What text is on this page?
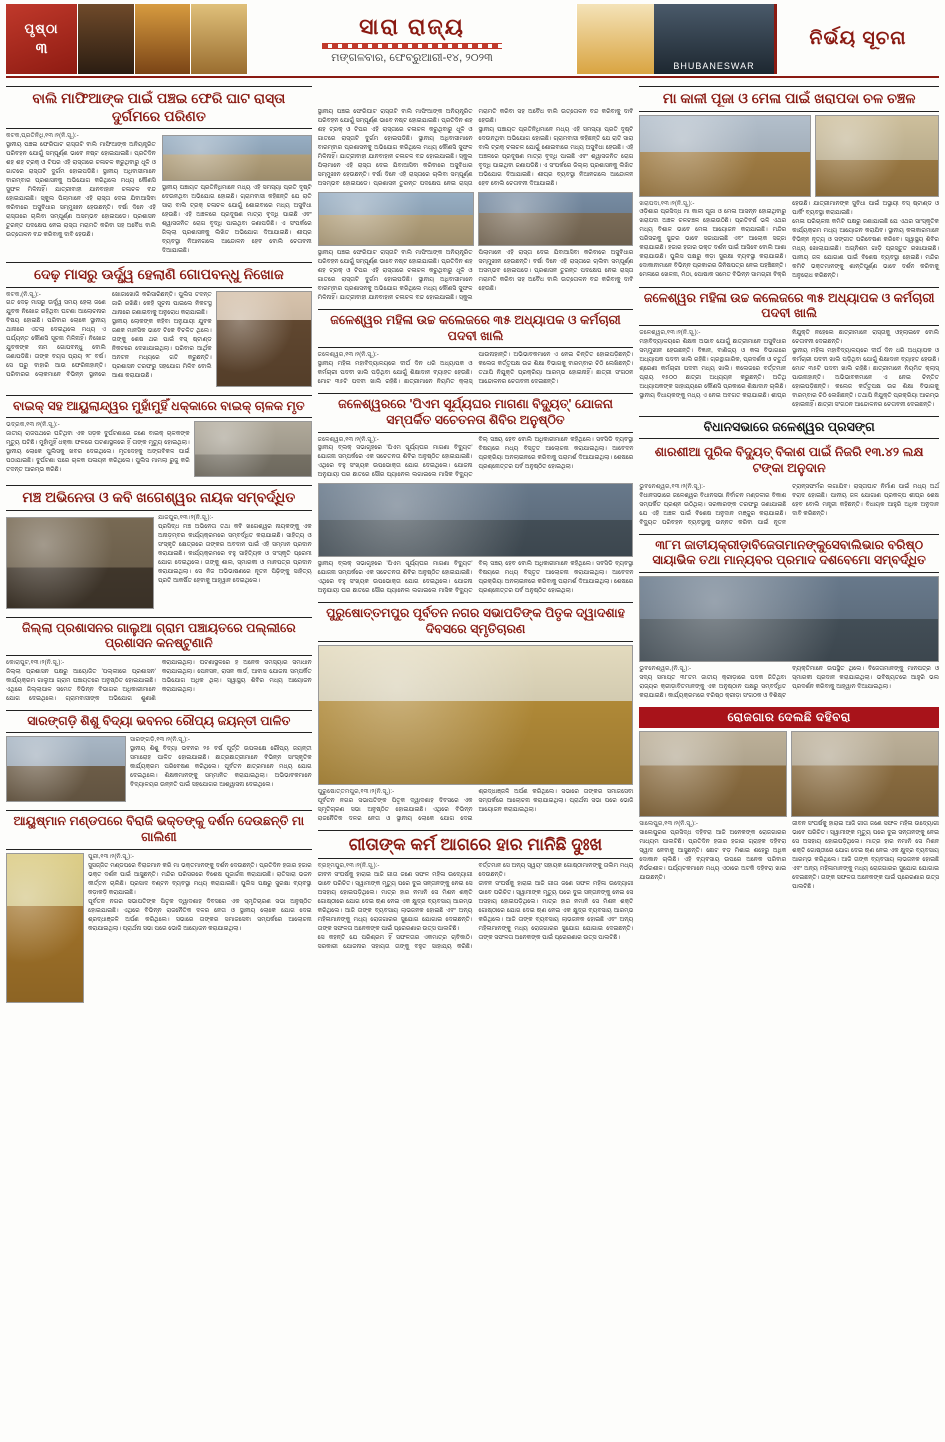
ପୃଷ୍ଠା
୩
ସାରା ରାଜ୍ୟ
ମଙ୍ଗଳବାର, ଫେବ୍ରୁଆରୀ-୧୪, ୨୦୨୩
BHUBANESWAR
ନିର୍ଭୟ ସୂଚନା
ବାଲି ମାଫିଆଙ୍କ ପାଇଁ ପଞ୍ଚଇ ଫେରି ଘାଟ ରାସ୍ତା ଦୁର୍ଗମରେ ପରିଣତ
କଟକ,ପ୍ରତିନିଧି,୧୩।୨(ନି.ସୂ.):-
ସ୍ଥାନୀୟ ପଞ୍ଚଇ ଫେରିଘାଟ ରାସ୍ତାଟି ବାଲି ମାଫିଆଙ୍କ ଅନିୟନ୍ତ୍ରିତ ପରିବହନ ଯୋଗୁଁ ସମ୍ପୂର୍ଣ୍ଣ ଭାବେ ନଷ୍ଟ ହୋଇଯାଇଛି। ପ୍ରତିଦିନ ଶହ ଶହ ଟ୍ରକ୍ ଓ ଟିପର ଏହି ରାସ୍ତାରେ ଚଳାଚଳ କରୁଥିବାରୁ ଧୂଳି ଓ ଗାତରେ ରାସ୍ତାଟି ଦୁର୍ଗମ ହୋଇପଡିଛି। ସ୍ଥାନୀୟ ଅଧିବାସୀମାନେ ବାରମ୍ବାର ପ୍ରଶାସନକୁ ଅଭିଯୋଗ କରିଥିଲେ ମଧ୍ୟ କୌଣସି ସୁଫଳ ମିଳିନାହିଁ। ଯାତ୍ରୀବାହୀ ଯାନବାହାନ ଚଳାଚଳ ବନ୍ଦ ହୋଇଯାଇଛି। ସ୍କୁଲ ପିଲାମାନେ ଏହି ରାସ୍ତା ଦେଇ ଯିବାଆସିବା କରିବାରେ ଅସୁବିଧାର ସମ୍ମୁଖୀନ ହେଉଛନ୍ତି। ବର୍ଷା ଦିନେ ଏହି ରାସ୍ତାରେ ଚାଲିବା ସମ୍ପୂର୍ଣ୍ଣ ଅସମ୍ଭବ ହୋଇପଡେ। ପ୍ରଶାସନ ତୁରନ୍ତ ପଦକ୍ଷେପ ନେଇ ରାସ୍ତା ମରାମତି କରିବା ସହ ଅବୈଧ ବାଲି ଉତ୍ତୋଳନ ବନ୍ଦ କରିବାକୁ ଦାବି ହେଉଛି।
ସ୍ଥାନୀୟ ପଞ୍ଚାୟତ ପ୍ରତିନିଧିମାନେ ମଧ୍ୟ ଏହି ସମସ୍ୟା ପ୍ରତି ଦୃଷ୍ଟି ଦେଉନଥିବା ଅଭିଯୋଗ ହୋଇଛି। ଗ୍ରାମବାସୀ କହିଛନ୍ତି ଯେ ରାତି ସାରା ବାଲି ଟ୍ରକ୍ ଚଳାଚଳ ଯୋଗୁଁ ଶୋଇବାରେ ମଧ୍ୟ ଅସୁବିଧା ହେଉଛି। ଏହି ଅଞ୍ଚଳରେ ପ୍ରଦୂଷଣ ମାତ୍ରା ବୃଦ୍ଧି ପାଇଛି ଏବଂ ଶ୍ୱାସଜନିତ ରୋଗ ବୃଦ୍ଧି ପାଇଥିବା ଜଣାପଡିଛି। ଏ ସଂପର୍କରେ ଜିଲ୍ଲା ପ୍ରଶାସନକୁ ଲିଖିତ ଅଭିଯୋଗ ଦିଆଯାଇଛି। ଶୀଘ୍ର ବ୍ୟବସ୍ଥା ନିଆନଗଲେ ଆନ୍ଦୋଳନ ହେବ ବୋଲି ଚେତାବନୀ ଦିଆଯାଇଛି।
ଦେଢ଼ ମାସରୁ ଊର୍ଦ୍ଧ୍ୱ ହେଲାଣି ଗୋପବନ୍ଧୁ ନିଖୋଜ
କଟକ,(ନି.ସୂ.):-
ଗତ ଦେଢ଼ ମାସରୁ ଊର୍ଦ୍ଧ୍ୱ ସମୟ ହେଲା ଜଣେ ଯୁବକ ନିଖୋଜ ରହିଥିବା ଘଟଣା ଆଲୋଚନାର ବିଷୟ ହୋଇଛି। ପରିବାର ଲୋକେ ସ୍ଥାନୀୟ ଥାନାରେ ଏତଲା ଦେଇଥିଲେ ମଧ୍ୟ ଏ ପର୍ଯ୍ୟନ୍ତ କୌଣସି ସୂଚନା ମିଳିନାହିଁ। ନିଖୋଜ ଯୁବକଙ୍କ ନାମ ଗୋପବନ୍ଧୁ ବୋଲି ଜଣାପଡିଛି। ତାଙ୍କ ବୟସ ପ୍ରାୟ ୨୮ ବର୍ଷ। ସେ ଘରୁ ବାହାରି ଆଉ ଫେରିନାହାନ୍ତି। ପରିବାରର ଲୋକମାନେ ବିଭିନ୍ନ ସ୍ଥାନରେ ଖୋଜାଖୋଜି କରିସାରିଛନ୍ତି। ପୁଲିସ ତଦନ୍ତ ଜାରି ରଖିଛି। କେହି ସୂଚନା ପାଇଲେ ନିକଟସ୍ଥ ଥାନାରେ ଜଣାଇବାକୁ ଅନୁରୋଧ କରାଯାଇଛି।
ସ୍ଥାନୀୟ ଲୋକଙ୍କ କହିବା ଅନୁଯାୟୀ ଯୁବକ ଜଣକ ମାନସିକ ଭାବେ ଟିକେ ବିଚଳିତ ଥିଲେ। ତାଙ୍କୁ ଶେଷ ଥର ପାଇଁ ବସ୍ ଷ୍ଟାଣ୍ଡ ନିକଟରେ ଦେଖାଯାଇଥିଲା। ପରିବାର ଆର୍ଥିକ ଅନଟନ ମଧ୍ୟରେ ଗତି କରୁଛନ୍ତି। ପ୍ରଶାସନ ତରଫରୁ ସହଯୋଗ ମିଳିବ ବୋଲି ଆଶା କରାଯାଉଛି।
ବାଇକ୍ ସହ ଆୟୁଲାନ୍ଦ୍ୱର ମୁହାଁମୁହିଁ ଧକ୍କାରେ ବାଇକ୍ ଚାଳକ ମୃତ
ଭଦ୍ରକ,୧୩।୨(ନି.ସୂ.):-
ଜାତୀୟ ରାଜପଥରେ ଘଟିଥିବା ଏକ ସଡ଼କ ଦୁର୍ଘଟଣାରେ ଜଣେ ବାଇକ୍ ଚାଳକଙ୍କ ମୃତ୍ୟୁ ଘଟିଛି। ମୁହାଁମୁହିଁ ଧକ୍କା ଫଳରେ ଘଟଣାସ୍ଥଳରେ ହିଁ ତାଙ୍କ ମୃତ୍ୟୁ ହୋଇଥିଲା। ସ୍ଥାନୀୟ ଲୋକେ ପୁଲିସକୁ ଖବର ଦେଇଥିଲେ। ମୃତଦେହକୁ ଅଙ୍ଗବିକଳ ପାଇଁ ପଠାଯାଇଛି। ଦୁର୍ଘଟଣା ପରେ ଚାଳକ ପଳାୟନ କରିଥିଲେ। ପୁଲିସ ମାମଲା ରୁଜୁ କରି ତଦନ୍ତ ଆରମ୍ଭ କରିଛି।
ମଞ୍ଚ ଅଭିନେତା ଓ କବି ଖଗେଶ୍ୱର ନାୟକ ସମ୍ବର୍ଦ୍ଧିତ
ଯାଜପୁର,୧୩।୨(ନି.ସୂ.):-
ପ୍ରସିଦ୍ଧ ମଞ୍ଚ ଅଭିନେତା ତଥା କବି ଖଗେଶ୍ୱର ନାୟକଙ୍କୁ ଏକ ଅନାଡ଼ମ୍ବର କାର୍ଯ୍ୟକ୍ରମରେ ସମ୍ବର୍ଦ୍ଧିତ କରାଯାଇଛି। ସାହିତ୍ୟ ଓ ସଂସ୍କୃତି କ୍ଷେତ୍ରରେ ତାଙ୍କର ଅବଦାନ ପାଇଁ ଏହି ସମ୍ମାନ ପ୍ରଦାନ କରାଯାଇଛି। କାର୍ଯ୍ୟକ୍ରମରେ ବହୁ ସାହିତ୍ୟିକ ଓ ସଂସ୍କୃତି ପ୍ରେମୀ ଯୋଗ ଦେଇଥିଲେ। ତାଙ୍କୁ ଶାଲ, ସ୍ମାରକୀ ଓ ମାନପତ୍ର ପ୍ରଦାନ କରାଯାଇଥିଲା। ସେ ନିଜ ଅଭିଭାଷଣରେ ନୂତନ ପିଢ଼ିଙ୍କୁ ସାହିତ୍ୟ ପ୍ରତି ଆକର୍ଷିତ ହେବାକୁ ଆହ୍ୱାନ ଦେଇଥିଲେ।
ଜିଲ୍ଲା ପ୍ରଶାସନର ଗାଲୁଆ ଗ୍ରାମ ପଞ୍ଚାୟତରେ ପଲ୍ଲୀରେ ପ୍ରଶାସନ କନଷ୍ଟୁଣାନି
କୋରାପୁଟ,୧୩।୨(ନି.ସୂ.):-
ଜିଲ୍ଲା ପ୍ରଶାସନ ପକ୍ଷରୁ ଆୟୋଜିତ 'ପଲ୍ଲୀରେ ପ୍ରଶାସନ' କାର୍ଯ୍ୟକ୍ରମ ଗାଲୁଆ ଗ୍ରାମ ପଞ୍ଚାୟତରେ ଅନୁଷ୍ଠିତ ହୋଇଯାଇଛି। ଏଥିରେ ଜିଲ୍ଲାପାଳ ସମେତ ବିଭିନ୍ନ ବିଭାଗର ଅଧିକାରୀମାନେ ଯୋଗ ଦେଇଥିଲେ। ଗ୍ରାମବାସୀଙ୍କ ଅଭିଯୋଗ ଶୁଣାଣି କରାଯାଇଥିଲା। ଘଟଣାସ୍ଥଳରେ ହିଁ ଅନେକ ସମସ୍ୟାର ସମାଧାନ କରାଯାଇଥିଲା। ପେନସନ, ରାସନ କାର୍ଡ, ଆବାସ ଯୋଜନା ସମ୍ପର୍କିତ ଅଭିଯୋଗ ଅଧିକ ଥିଲା। ସ୍ୱାସ୍ଥ୍ୟ ଶିବିର ମଧ୍ୟ ଆୟୋଜନ କରାଯାଇଥିଲା।
ସାରଙ୍ଗଡ଼ି ଶିଶୁ ବିଦ୍ୟା ଭବନର ରୌପ୍ୟ ଜୟନ୍ତୀ ପାଳିତ
ସାରଙ୍ଗଡ଼ି,୧୩।୨(ନି.ସୂ.):-
ସ୍ଥାନୀୟ ଶିଶୁ ବିଦ୍ୟା ଭବନର ୨୫ ବର୍ଷ ପୂର୍ତ୍ତି ଉପଲକ୍ଷେ ରୌପ୍ୟ ଜୟନ୍ତୀ ସମାରୋହ ପାଳିତ ହୋଇଯାଇଛି। ଛାତ୍ରଛାତ୍ରୀମାନେ ବିଭିନ୍ନ ସାଂସ୍କୃତିକ କାର୍ଯ୍ୟକ୍ରମ ପରିବେଷଣ କରିଥିଲେ। ପୂର୍ବତନ ଛାତ୍ରମାନେ ମଧ୍ୟ ଯୋଗ ଦେଇଥିଲେ। ଶିକ୍ଷକମାନଙ୍କୁ ସମ୍ମାନିତ କରାଯାଇଥିଲା। ଅଭିଭାବକମାନେ ବିଦ୍ୟାଳୟର ଉନ୍ନତି ପାଇଁ ସହଯୋଗର ଆଶ୍ୱାସନା ଦେଇଥିଲେ।
ଆୟୁଷ୍ମାନ ମଣ୍ଡପରେ ବିରାଜି ଭକ୍ତଙ୍କୁ ଦର୍ଶନ ଦେଉଛନ୍ତି ମା ଗାଲିଣୀ
ପୁରୀ,୧୩।୨(ନି.ସୂ.):-
ସୁସଜ୍ଜିତ ମଣ୍ଡପରେ ବିରାଜମାନ କରି ମା ଭକ୍ତମାନଙ୍କୁ ଦର୍ଶନ ଦେଉଛନ୍ତି। ପ୍ରତିଦିନ ହଜାର ହଜାର ଭକ୍ତ ଦର୍ଶନ ପାଇଁ ଆସୁଛନ୍ତି। ମନ୍ଦିର ପରିସରରେ ବିଶେଷ ପୂଜାର୍ଚ୍ଚନା କରାଯାଉଛି। ରାତିସାରା ଭଜନ କୀର୍ତ୍ତନ ଚାଲିଛି। ପ୍ରସାଦ ବଣ୍ଟନ ବ୍ୟବସ୍ଥା ମଧ୍ୟ କରାଯାଇଛି। ପୁଲିସ ପକ୍ଷରୁ ସୁରକ୍ଷା ବ୍ୟବସ୍ଥା କଡ଼ାକଡ଼ି କରାଯାଇଛି।
ପୂର୍ବତନ ନଗର ସଭାପତିଙ୍କ ପିତୃକ ଦ୍ୱାଦଶାହ ଦିବସରେ ଏକ ସ୍ମୃତିଚାରଣ ସଭା ଅନୁଷ୍ଠିତ ହୋଇଯାଇଛି। ଏଥିରେ ବିଭିନ୍ନ ରାଜନୈତିକ ଦଳର ନେତା ଓ ସ୍ଥାନୀୟ ଲୋକେ ଯୋଗ ଦେଇ ଶ୍ରଦ୍ଧାଞ୍ଜଳି ଅର୍ପଣ କରିଥିଲେ। ସଭାରେ ତାଙ୍କର ସମାଜସେବା ସମ୍ପର୍କରେ ଆଲୋଚନା କରାଯାଇଥିଲା। ପ୍ରାର୍ଥନା ସଭା ପରେ ଭୋଜି ଆୟୋଜନ କରାଯାଇଥିଲା।
ସ୍ଥାନୀୟ ପଞ୍ଚଇ ଫେରିଘାଟ ରାସ୍ତାଟି ବାଲି ମାଫିଆଙ୍କ ଅନିୟନ୍ତ୍ରିତ ପରିବହନ ଯୋଗୁଁ ସମ୍ପୂର୍ଣ୍ଣ ଭାବେ ନଷ୍ଟ ହୋଇଯାଇଛି। ପ୍ରତିଦିନ ଶହ ଶହ ଟ୍ରକ୍ ଓ ଟିପର ଏହି ରାସ୍ତାରେ ଚଳାଚଳ କରୁଥିବାରୁ ଧୂଳି ଓ ଗାତରେ ରାସ୍ତାଟି ଦୁର୍ଗମ ହୋଇପଡିଛି। ସ୍ଥାନୀୟ ଅଧିବାସୀମାନେ ବାରମ୍ବାର ପ୍ରଶାସନକୁ ଅଭିଯୋଗ କରିଥିଲେ ମଧ୍ୟ କୌଣସି ସୁଫଳ ମିଳିନାହିଁ। ଯାତ୍ରୀବାହୀ ଯାନବାହାନ ଚଳାଚଳ ବନ୍ଦ ହୋଇଯାଇଛି। ସ୍କୁଲ ପିଲାମାନେ ଏହି ରାସ୍ତା ଦେଇ ଯିବାଆସିବା କରିବାରେ ଅସୁବିଧାର ସମ୍ମୁଖୀନ ହେଉଛନ୍ତି। ବର୍ଷା ଦିନେ ଏହି ରାସ୍ତାରେ ଚାଲିବା ସମ୍ପୂର୍ଣ୍ଣ ଅସମ୍ଭବ ହୋଇପଡେ। ପ୍ରଶାସନ ତୁରନ୍ତ ପଦକ୍ଷେପ ନେଇ ରାସ୍ତା ମରାମତି କରିବା ସହ ଅବୈଧ ବାଲି ଉତ୍ତୋଳନ ବନ୍ଦ କରିବାକୁ ଦାବି ହେଉଛି।
ସ୍ଥାନୀୟ ପଞ୍ଚାୟତ ପ୍ରତିନିଧିମାନେ ମଧ୍ୟ ଏହି ସମସ୍ୟା ପ୍ରତି ଦୃଷ୍ଟି ଦେଉନଥିବା ଅଭିଯୋଗ ହୋଇଛି। ଗ୍ରାମବାସୀ କହିଛନ୍ତି ଯେ ରାତି ସାରା ବାଲି ଟ୍ରକ୍ ଚଳାଚଳ ଯୋଗୁଁ ଶୋଇବାରେ ମଧ୍ୟ ଅସୁବିଧା ହେଉଛି। ଏହି ଅଞ୍ଚଳରେ ପ୍ରଦୂଷଣ ମାତ୍ରା ବୃଦ୍ଧି ପାଇଛି ଏବଂ ଶ୍ୱାସଜନିତ ରୋଗ ବୃଦ୍ଧି ପାଇଥିବା ଜଣାପଡିଛି। ଏ ସଂପର୍କରେ ଜିଲ୍ଲା ପ୍ରଶାସନକୁ ଲିଖିତ ଅଭିଯୋଗ ଦିଆଯାଇଛି। ଶୀଘ୍ର ବ୍ୟବସ୍ଥା ନିଆନଗଲେ ଆନ୍ଦୋଳନ ହେବ ବୋଲି ଚେତାବନୀ ଦିଆଯାଇଛି।
ସ୍ଥାନୀୟ ପଞ୍ଚଇ ଫେରିଘାଟ ରାସ୍ତାଟି ବାଲି ମାଫିଆଙ୍କ ଅନିୟନ୍ତ୍ରିତ ପରିବହନ ଯୋଗୁଁ ସମ୍ପୂର୍ଣ୍ଣ ଭାବେ ନଷ୍ଟ ହୋଇଯାଇଛି। ପ୍ରତିଦିନ ଶହ ଶହ ଟ୍ରକ୍ ଓ ଟିପର ଏହି ରାସ୍ତାରେ ଚଳାଚଳ କରୁଥିବାରୁ ଧୂଳି ଓ ଗାତରେ ରାସ୍ତାଟି ଦୁର୍ଗମ ହୋଇପଡିଛି। ସ୍ଥାନୀୟ ଅଧିବାସୀମାନେ ବାରମ୍ବାର ପ୍ରଶାସନକୁ ଅଭିଯୋଗ କରିଥିଲେ ମଧ୍ୟ କୌଣସି ସୁଫଳ ମିଳିନାହିଁ। ଯାତ୍ରୀବାହୀ ଯାନବାହାନ ଚଳାଚଳ ବନ୍ଦ ହୋଇଯାଇଛି। ସ୍କୁଲ ପିଲାମାନେ ଏହି ରାସ୍ତା ଦେଇ ଯିବାଆସିବା କରିବାରେ ଅସୁବିଧାର ସମ୍ମୁଖୀନ ହେଉଛନ୍ତି। ବର୍ଷା ଦିନେ ଏହି ରାସ୍ତାରେ ଚାଲିବା ସମ୍ପୂର୍ଣ୍ଣ ଅସମ୍ଭବ ହୋଇପଡେ। ପ୍ରଶାସନ ତୁରନ୍ତ ପଦକ୍ଷେପ ନେଇ ରାସ୍ତା ମରାମତି କରିବା ସହ ଅବୈଧ ବାଲି ଉତ୍ତୋଳନ ବନ୍ଦ କରିବାକୁ ଦାବି ହେଉଛି।
ଜଳେଶ୍ୱର ମହିଳା ଉଚ୍ଚ କଲେଜରେ ୩୫ ଅଧ୍ୟାପକ ଓ କର୍ମଚାରୀ ପଦବୀ ଖାଲି
ଜଳେଶ୍ୱର,୧୩।୨(ନି.ସୂ.):-
ସ୍ଥାନୀୟ ମହିଳା ମହାବିଦ୍ୟାଳୟରେ ଦୀର୍ଘ ଦିନ ଧରି ଅଧ୍ୟାପକ ଓ କର୍ମଚାରୀ ପଦବୀ ଖାଲି ପଡ଼ିଥିବା ଯୋଗୁଁ ଶିକ୍ଷାଦାନ ବ୍ୟାହତ ହେଉଛି। ମୋଟ ୩୫ଟି ପଦବୀ ଖାଲି ରହିଛି। ଛାତ୍ରୀମାନେ ନିୟମିତ କ୍ଲାସ୍ ପାଉନାହାନ୍ତି। ଅଭିଭାବକମାନେ ଏ ନେଇ ଚିନ୍ତିତ ହୋଇପଡ଼ିଛନ୍ତି। କଲେଜ କର୍ତ୍ତୃପକ୍ଷ ଉଚ୍ଚ ଶିକ୍ଷା ବିଭାଗକୁ ବାରମ୍ବାର ଚିଠି ଲେଖିଛନ୍ତି। ତଥାପି ନିଯୁକ୍ତି ପ୍ରକ୍ରିୟା ଆରମ୍ଭ ହୋଇନାହିଁ। ଛାତ୍ରୀ ସଂଗଠନ ଆନ୍ଦୋଳନର ଚେତାବନୀ ଦେଇଛନ୍ତି।
ଜଳେଶ୍ୱରରେ 'ପିଏମ ସୂର୍ଯ୍ୟଘର ମାଗଣା ବିଦ୍ୟୁତ୍' ଯୋଜନା ସମ୍ପର୍କିତ ସଚେତନତା ଶିବିର ଅନୁଷ୍ଠିତ
ଜଳେଶ୍ୱର,୧୩।୨(ନି.ସୂ.):-
ସ୍ଥାନୀୟ ବ୍ଲକ୍ ସଭାଗୃହରେ 'ପିଏମ ସୂର୍ଯ୍ୟଘର ମାଗଣା ବିଦ୍ୟୁତ' ଯୋଜନା ସମ୍ପର୍କରେ ଏକ ସଚେତନତା ଶିବିର ଅନୁଷ୍ଠିତ ହୋଇଯାଇଛି। ଏଥିରେ ବହୁ ସଂଖ୍ୟକ ଉପଭୋକ୍ତା ଯୋଗ ଦେଇଥିଲେ। ଯୋଜନା ଅନୁଯାୟୀ ଘର ଛାତରେ ସୌର ପ୍ୟାନେଲ ଲଗାଇଲେ ମାସିକ ବିଦ୍ୟୁତ ବିଲ୍ ସଞ୍ଚୟ ହେବ ବୋଲି ଅଧିକାରୀମାନେ କହିଥିଲେ। ସବସିଡି ବ୍ୟବସ୍ଥା ବିଷୟରେ ମଧ୍ୟ ବିସ୍ତୃତ ଆଲୋଚନା କରାଯାଇଥିଲା। ଆବେଦନ ପ୍ରକ୍ରିୟା ଅନଲାଇନରେ କରିବାକୁ ପରାମର୍ଶ ଦିଆଯାଇଥିଲା। ଶେଷରେ ପ୍ରଶ୍ନୋତ୍ତର ପର୍ବ ଅନୁଷ୍ଠିତ ହୋଇଥିଲା।
ସ୍ଥାନୀୟ ବ୍ଲକ୍ ସଭାଗୃହରେ 'ପିଏମ ସୂର୍ଯ୍ୟଘର ମାଗଣା ବିଦ୍ୟୁତ' ଯୋଜନା ସମ୍ପର୍କରେ ଏକ ସଚେତନତା ଶିବିର ଅନୁଷ୍ଠିତ ହୋଇଯାଇଛି। ଏଥିରେ ବହୁ ସଂଖ୍ୟକ ଉପଭୋକ୍ତା ଯୋଗ ଦେଇଥିଲେ। ଯୋଜନା ଅନୁଯାୟୀ ଘର ଛାତରେ ସୌର ପ୍ୟାନେଲ ଲଗାଇଲେ ମାସିକ ବିଦ୍ୟୁତ ବିଲ୍ ସଞ୍ଚୟ ହେବ ବୋଲି ଅଧିକାରୀମାନେ କହିଥିଲେ। ସବସିଡି ବ୍ୟବସ୍ଥା ବିଷୟରେ ମଧ୍ୟ ବିସ୍ତୃତ ଆଲୋଚନା କରାଯାଇଥିଲା। ଆବେଦନ ପ୍ରକ୍ରିୟା ଅନଲାଇନରେ କରିବାକୁ ପରାମର୍ଶ ଦିଆଯାଇଥିଲା। ଶେଷରେ ପ୍ରଶ୍ନୋତ୍ତର ପର୍ବ ଅନୁଷ୍ଠିତ ହୋଇଥିଲା।
ପୁରୁଷୋତ୍ତମପୁର ପୂର୍ବତନ ନଗର ସଭାପତିଙ୍କ ପିତୃକ ଦ୍ୱାଦଶାହ ଦିବସରେ ସ୍ମୃତିଚାରଣ
ପୁରୁଷୋତ୍ତମପୁର,୧୩।୨(ନି.ସୂ.):-
ପୂର୍ବତନ ନଗର ସଭାପତିଙ୍କ ପିତୃକ ଦ୍ୱାଦଶାହ ଦିବସରେ ଏକ ସ୍ମୃତିଚାରଣ ସଭା ଅନୁଷ୍ଠିତ ହୋଇଯାଇଛି। ଏଥିରେ ବିଭିନ୍ନ ରାଜନୈତିକ ଦଳର ନେତା ଓ ସ୍ଥାନୀୟ ଲୋକେ ଯୋଗ ଦେଇ ଶ୍ରଦ୍ଧାଞ୍ଜଳି ଅର୍ପଣ କରିଥିଲେ। ସଭାରେ ତାଙ୍କର ସମାଜସେବା ସମ୍ପର୍କରେ ଆଲୋଚନା କରାଯାଇଥିଲା। ପ୍ରାର୍ଥନା ସଭା ପରେ ଭୋଜି ଆୟୋଜନ କରାଯାଇଥିଲା।
ଗୀତାଙ୍କ କର୍ମ ଆଗରେ ହାର ମାନିଛି ଦୁଃଖ
ବ୍ରହ୍ମପୁର,୧୩।୨(ନି.ସୂ.):-
ଜୀବନ ସଂଘର୍ଷକୁ ହାରାଇ ଆଜି ଗୀତା ଜଣେ ସଫଳ ମହିଳା ଉଦ୍ୟୋଗୀ ଭାବେ ପରିଚିତ। ସ୍ୱାମୀଙ୍କ ମୃତ୍ୟୁ ପରେ ଦୁଇ ସନ୍ତାନଙ୍କୁ ନେଇ ସେ ଅସହାୟ ହୋଇପଡ଼ିଥିଲେ। ମାତ୍ର ହାର ନମାନି ସେ ମିଶନ ଶକ୍ତି ଗୋଷ୍ଠୀରେ ଯୋଗ ଦେଇ ଋଣ ନେଇ ଏକ କ୍ଷୁଦ୍ର ବ୍ୟବସାୟ ଆରମ୍ଭ କରିଥିଲେ। ଆଜି ତାଙ୍କ ବ୍ୟବସାୟ ଲାଭଜନକ ହୋଇଛି ଏବଂ ଅନ୍ୟ ମହିଳାମାନଙ୍କୁ ମଧ୍ୟ ରୋଜଗାରର ସୁଯୋଗ ଯୋଗାଇ ଦେଇଛନ୍ତି। ତାଙ୍କ ସଫଳତା ଅନେକଙ୍କ ପାଇଁ ପ୍ରେରଣାର ଉତ୍ସ ପାଲଟିଛି।
ସେ କହନ୍ତି ଯେ ପରିଶ୍ରମ ହିଁ ସଫଳତାର ଏକମାତ୍ର ଚାବିକାଠି। ସରକାରୀ ଯୋଜନାର ସହାୟତା ତାଙ୍କୁ ବହୁତ ସାହାଯ୍ୟ କରିଛି। ବର୍ତ୍ତମାନ ସେ ଅନ୍ୟ ସ୍ୱୟଂ ସହାୟକ ଗୋଷ୍ଠୀମାନଙ୍କୁ ତାଲିମ ମଧ୍ୟ ଦେଉଛନ୍ତି।
ଜୀବନ ସଂଘର୍ଷକୁ ହାରାଇ ଆଜି ଗୀତା ଜଣେ ସଫଳ ମହିଳା ଉଦ୍ୟୋଗୀ ଭାବେ ପରିଚିତ। ସ୍ୱାମୀଙ୍କ ମୃତ୍ୟୁ ପରେ ଦୁଇ ସନ୍ତାନଙ୍କୁ ନେଇ ସେ ଅସହାୟ ହୋଇପଡ଼ିଥିଲେ। ମାତ୍ର ହାର ନମାନି ସେ ମିଶନ ଶକ୍ତି ଗୋଷ୍ଠୀରେ ଯୋଗ ଦେଇ ଋଣ ନେଇ ଏକ କ୍ଷୁଦ୍ର ବ୍ୟବସାୟ ଆରମ୍ଭ କରିଥିଲେ। ଆଜି ତାଙ୍କ ବ୍ୟବସାୟ ଲାଭଜନକ ହୋଇଛି ଏବଂ ଅନ୍ୟ ମହିଳାମାନଙ୍କୁ ମଧ୍ୟ ରୋଜଗାରର ସୁଯୋଗ ଯୋଗାଇ ଦେଇଛନ୍ତି। ତାଙ୍କ ସଫଳତା ଅନେକଙ୍କ ପାଇଁ ପ୍ରେରଣାର ଉତ୍ସ ପାଲଟିଛି।
ମା କାଳୀ ପୂଜା ଓ ମେଳା ପାଇଁ ଖରାପଦା ଚଳ ଚଞ୍ଚଳ
ଖରାପଦା,୧୩।୨(ନି.ସୂ.):-
ଓଡ଼ିଶାର ପ୍ରସିଦ୍ଧ ମା କାଳୀ ପୂଜା ଓ ମେଳା ଆସନ୍ନ ହୋଇଥିବାରୁ ଖରାପଦା ଅଞ୍ଚଳ ଚଳଚଞ୍ଚଳ ହୋଇଉଠିଛି। ପ୍ରତିବର୍ଷ ଭଳି ଏଥର ମଧ୍ୟ ବିଶାଳ ଭାବେ ମେଳା ଆୟୋଜନ କରାଯାଇଛି। ମନ୍ଦିର ପରିସରକୁ ସୁନ୍ଦର ଭାବେ ସଜାଯାଇଛି ଏବଂ ଆଲୋକ ସଜ୍ଜା କରାଯାଇଛି। ହଜାର ହଜାର ଭକ୍ତ ଦର୍ଶନ ପାଇଁ ଆସିବେ ବୋଲି ଆଶା କରାଯାଉଛି। ପୁଲିସ ପକ୍ଷରୁ କଡ଼ା ସୁରକ୍ଷା ବ୍ୟବସ୍ଥା କରାଯାଇଛି। ଦୋକାନୀମାନେ ବିଭିନ୍ନ ପ୍ରକାରର ଜିନିଷପତ୍ର ନେଇ ପହଞ୍ଚିଛନ୍ତି। ମେଳାରେ ଖେଳନା, ମିଠା, ପୋଷାକ ସମେତ ବିଭିନ୍ନ ସାମଗ୍ରୀ ବିକ୍ରି ହେଉଛି। ଯାତ୍ରୀମାନଙ୍କ ସୁବିଧା ପାଇଁ ଅସ୍ଥାୟୀ ବସ୍ ଷ୍ଟାଣ୍ଡ ଓ ପାର୍କିଂ ବ୍ୟବସ୍ଥା କରାଯାଇଛି।
ମେଳା ପରିଚାଳନା କମିଟି ପକ୍ଷରୁ ଜଣାଯାଇଛି ଯେ ଏଥର ସାଂସ୍କୃତିକ କାର୍ଯ୍ୟକ୍ରମ ମଧ୍ୟ ଆୟୋଜନ କରାଯିବ। ସ୍ଥାନୀୟ କଳାକାରମାନେ ବିଭିନ୍ନ ନୃତ୍ୟ ଓ ସଙ୍ଗୀତ ପରିବେଷଣ କରିବେ। ସ୍ୱାସ୍ଥ୍ୟ ଶିବିର ମଧ୍ୟ ଖୋଲାଯାଇଛି। ଅଗ୍ନିଶମ ଗାଡ଼ି ପ୍ରସ୍ତୁତ ରଖାଯାଇଛି। ପାନୀୟ ଜଳ ଯୋଗାଣ ପାଇଁ ବିଶେଷ ବ୍ୟବସ୍ଥା ହୋଇଛି। ମନ୍ଦିର କମିଟି ଭକ୍ତମାନଙ୍କୁ ଶାନ୍ତିପୂର୍ଣ୍ଣ ଭାବେ ଦର୍ଶନ କରିବାକୁ ଅନୁରୋଧ କରିଛନ୍ତି।
ଜଳେଶ୍ୱର ମହିଳା ଉଚ୍ଚ କଲେଜରେ ୩୫ ଅଧ୍ୟାପକ ଓ କର୍ମଚାରୀ ପଦବୀ ଖାଲି
ଜଳେଶ୍ୱର,୧୩।୨(ନି.ସୂ.):-
ମହାବିଦ୍ୟାଳୟରେ ଶିକ୍ଷକ ଅଭାବ ଯୋଗୁଁ ଛାତ୍ରୀମାନେ ଅସୁବିଧାର ସମ୍ମୁଖୀନ ହେଉଛନ୍ତି। ବିଜ୍ଞାନ, ବାଣିଜ୍ୟ ଓ କଳା ବିଭାଗରେ ଅଧ୍ୟାପକ ପଦବୀ ଖାଲି ରହିଛି। ଗ୍ରନ୍ଥାଗାରିକ, ପ୍ରଦର୍ଶକ ଓ ଚତୁର୍ଥ ଶ୍ରେଣୀ କର୍ମଚାରୀ ପଦବୀ ମଧ୍ୟ ଖାଲି। କଲେଜରେ ବର୍ତ୍ତମାନ ପ୍ରାୟ ୧୫୦୦ ଛାତ୍ରୀ ଅଧ୍ୟୟନ କରୁଛନ୍ତି। ଅତିଥି ଅଧ୍ୟାପକଙ୍କ ସାହାଯ୍ୟରେ କୌଣସି ପ୍ରକାରେ ଶିକ୍ଷାଦାନ ଚାଲିଛି। ସ୍ଥାନୀୟ ବିଧାୟକଙ୍କୁ ମଧ୍ୟ ଏ ନେଇ ଅବଗତ କରାଯାଇଛି। ଶୀଘ୍ର ନିଯୁକ୍ତି ନହେଲେ ଛାତ୍ରୀମାନେ ରାସ୍ତାକୁ ଓହ୍ଲାଇବେ ବୋଲି ଚେତାବନୀ ଦେଇଛନ୍ତି।
ସ୍ଥାନୀୟ ମହିଳା ମହାବିଦ୍ୟାଳୟରେ ଦୀର୍ଘ ଦିନ ଧରି ଅଧ୍ୟାପକ ଓ କର୍ମଚାରୀ ପଦବୀ ଖାଲି ପଡ଼ିଥିବା ଯୋଗୁଁ ଶିକ୍ଷାଦାନ ବ୍ୟାହତ ହେଉଛି। ମୋଟ ୩୫ଟି ପଦବୀ ଖାଲି ରହିଛି। ଛାତ୍ରୀମାନେ ନିୟମିତ କ୍ଲାସ୍ ପାଉନାହାନ୍ତି। ଅଭିଭାବକମାନେ ଏ ନେଇ ଚିନ୍ତିତ ହୋଇପଡ଼ିଛନ୍ତି। କଲେଜ କର୍ତ୍ତୃପକ୍ଷ ଉଚ୍ଚ ଶିକ୍ଷା ବିଭାଗକୁ ବାରମ୍ବାର ଚିଠି ଲେଖିଛନ୍ତି। ତଥାପି ନିଯୁକ୍ତି ପ୍ରକ୍ରିୟା ଆରମ୍ଭ ହୋଇନାହିଁ। ଛାତ୍ରୀ ସଂଗଠନ ଆନ୍ଦୋଳନର ଚେତାବନୀ ଦେଇଛନ୍ତି।
ବିଧାନସଭାରେ ଜଳେଶ୍ୱର ପ୍ରସଙ୍ଗ
ଶାରଶୀଆ ପୁରିକ ବିଦ୍ୟୁତ୍ ବିକାଶ ପାଇଁ ନିଜରି ୧୩.୪୨ ଲକ୍ଷ ଟଙ୍କା ଅନୁଦାନ
ଭୁବନେଶ୍ୱର,୧୩।୨(ନି.ସୂ.):-
ବିଧାନସଭାରେ ଜଳେଶ୍ୱର ବିଧାନସଭା ନିର୍ବାଚନ ମଣ୍ଡଳୀର ବିକାଶ ସମ୍ପର୍କିତ ପ୍ରଶ୍ନ ଉଠିଥିଲା। ସରକାରଙ୍କ ତରଫରୁ ଜଣାଯାଇଛି ଯେ ଏହି ଅଞ୍ଚଳ ପାଇଁ ବିଶେଷ ଅନୁଦାନ ମଞ୍ଜୁର କରାଯାଇଛି। ବିଦ୍ୟୁତ ପରିବହନ ବ୍ୟବସ୍ଥାକୁ ଉନ୍ନତ କରିବା ପାଇଁ ନୂତନ ଟ୍ରାନ୍ସଫର୍ମର ଲଗାଯିବ। ରାସ୍ତାଘାଟ ନିର୍ମାଣ ପାଇଁ ମଧ୍ୟ ଅର୍ଥ ବରାଦ ହୋଇଛି। ପାନୀୟ ଜଳ ଯୋଗାଣ ପ୍ରକଳ୍ପ ଶୀଘ୍ର ଶେଷ ହେବ ବୋଲି ମନ୍ତ୍ରୀ କହିଛନ୍ତି। ବିଧାୟକ ଆହୁରି ଅଧିକ ଅନୁଦାନ ଦାବି କରିଛନ୍ତି।
୩୮ମ ଜାତୀୟକ୍ରୀଡ଼ାବିଜେତାମାନଙ୍କୁସେବାଲିଭାର ବରିଷ୍ଠ ସାୟାଭିକ ତଥା ମାନ୍ୟବର ପ୍ରମାଦ ଦଶବେମୋ ସମ୍ବର୍ଦ୍ଧିତ
ଭୁବନେଶ୍ୱର,(ନି.ସୂ.):-
ସଦ୍ୟ ସମାପ୍ତ ୩୮ତମ ଜାତୀୟ କ୍ରୀଡ଼ାରେ ପଦକ ଜିତିଥିବା ରାଜ୍ୟର କ୍ରୀଡ଼ାବିତମାନଙ୍କୁ ଏକ ଅନୁଷ୍ଠାନ ପକ୍ଷରୁ ସମ୍ବର୍ଦ୍ଧିତ କରାଯାଇଛି। କାର୍ଯ୍ୟକ୍ରମରେ ବରିଷ୍ଠ କ୍ରୀଡ଼ା ସଂଗଠକ ଓ ବିଶିଷ୍ଟ ବ୍ୟକ୍ତିମାନେ ଉପସ୍ଥିତ ଥିଲେ। ବିଜେତାମାନଙ୍କୁ ମାନପତ୍ର ଓ ସ୍ମାରକୀ ପ୍ରଦାନ କରାଯାଇଥିଲା। ଭବିଷ୍ୟତରେ ଆହୁରି ଭଲ ପ୍ରଦର୍ଶନ କରିବାକୁ ଆହ୍ୱାନ ଦିଆଯାଇଥିଲା।
ରୋଜଗାର ଦେଲଛି ଦହିବରା
ସାଲେପୁର,୧୩।୨(ନି.ସୂ.):-
ସାଲେପୁରର ପ୍ରସିଦ୍ଧ ଦହିବରା ଆଜି ଅନେକଙ୍କ ରୋଜଗାରର ମାଧ୍ୟମ ପାଲଟିଛି। ପ୍ରତିଦିନ ହଜାର ହଜାର ଗ୍ରାହକ ଦହିବରା ସ୍ୱାଦ ନେବାକୁ ଆସୁଛନ୍ତି। ଛୋଟ ବଡ଼ ମିଶାଇ ଶହେରୁ ଅଧିକ ଦୋକାନ ଚାଲିଛି। ଏହି ବ୍ୟବସାୟ ଉପରେ ଅନେକ ପରିବାର ନିର୍ଭରଶୀଳ। ପର୍ଯ୍ୟଟକମାନେ ମଧ୍ୟ ଏଠାରେ ଅଟକି ଦହିବରା ଖାଇ ଯାଉଛନ୍ତି।
ଜୀବନ ସଂଘର୍ଷକୁ ହାରାଇ ଆଜି ଗୀତା ଜଣେ ସଫଳ ମହିଳା ଉଦ୍ୟୋଗୀ ଭାବେ ପରିଚିତ। ସ୍ୱାମୀଙ୍କ ମୃତ୍ୟୁ ପରେ ଦୁଇ ସନ୍ତାନଙ୍କୁ ନେଇ ସେ ଅସହାୟ ହୋଇପଡ଼ିଥିଲେ। ମାତ୍ର ହାର ନମାନି ସେ ମିଶନ ଶକ୍ତି ଗୋଷ୍ଠୀରେ ଯୋଗ ଦେଇ ଋଣ ନେଇ ଏକ କ୍ଷୁଦ୍ର ବ୍ୟବସାୟ ଆରମ୍ଭ କରିଥିଲେ। ଆଜି ତାଙ୍କ ବ୍ୟବସାୟ ଲାଭଜନକ ହୋଇଛି ଏବଂ ଅନ୍ୟ ମହିଳାମାନଙ୍କୁ ମଧ୍ୟ ରୋଜଗାରର ସୁଯୋଗ ଯୋଗାଇ ଦେଇଛନ୍ତି। ତାଙ୍କ ସଫଳତା ଅନେକଙ୍କ ପାଇଁ ପ୍ରେରଣାର ଉତ୍ସ ପାଲଟିଛି।
